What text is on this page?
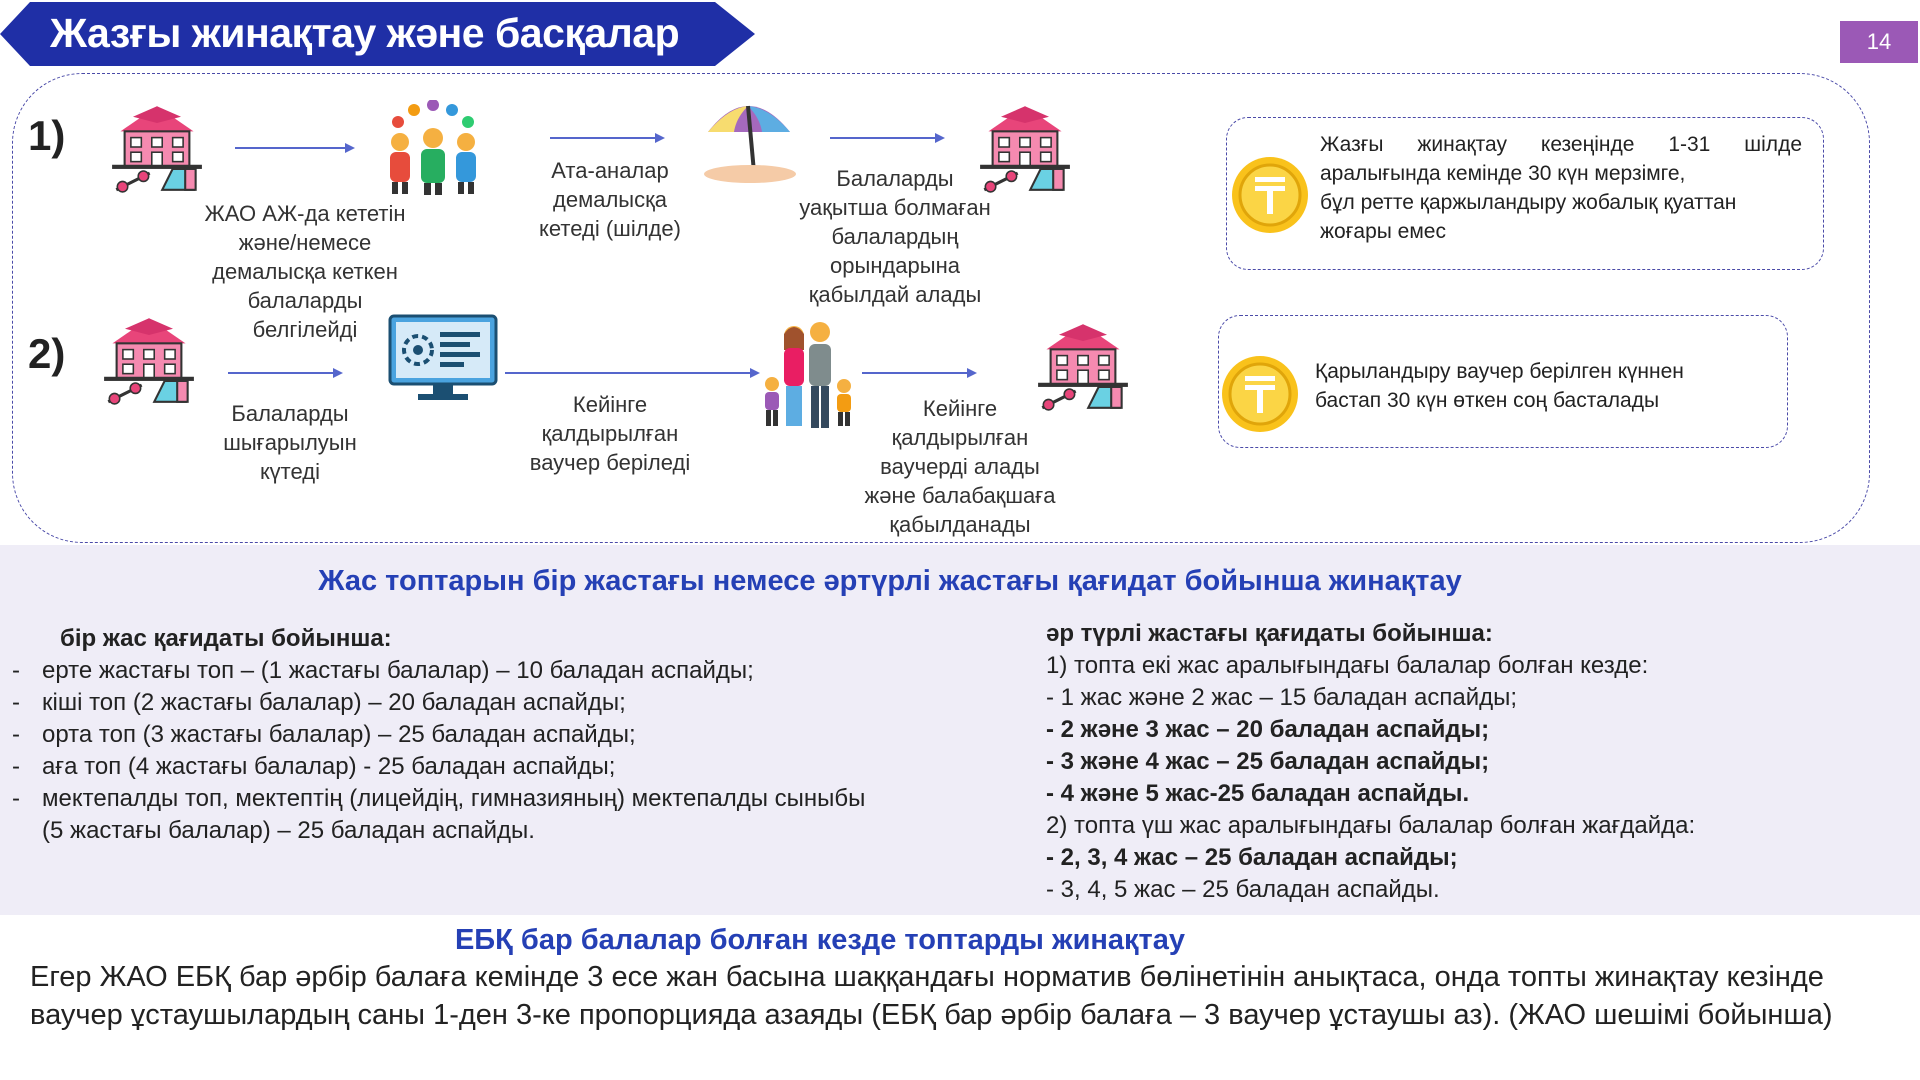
Жазғы жинақтау және басқалар	14
1)
ЖАО АЖ-да кететін
және/немесе
демалысқа кеткен
балаларды
белгілейді
Ата-аналар
демалысқа
кетеді (шілде)
Балаларды
уақытша болмаған
балалардың
орындарына
қабылдай алады
2)
Балаларды
шығарылуын
күтеді
Кейінге
қалдырылған
ваучер беріледі
Кейінге
қалдырылған
ваучерді алады
және балабақшаға
қабылданады
Жазғы жинақтау кезеңінде 1-31 шілде
аралығында кемінде 30 күн мерзімге,
бұл ретте қаржыландыру жобалық қуаттан
жоғары емес
Қарыландыру ваучер берілген күннен
бастап 30 күн өткен соң басталады
Жас топтарын бір жастағы немесе әртүрлі жастағы қағидат бойынша жинақтау
бір жас қағидаты бойынша:
- ерте жастағы топ – (1 жастағы балалар) – 10 баладан аспайды;
- кіші топ (2 жастағы балалар) – 20 баладан аспайды;
- орта топ (3 жастағы балалар) – 25 баладан аспайды;
- аға топ (4 жастағы балалар) - 25 баладан аспайды;
- мектепалды топ, мектептің (лицейдің, гимназияның) мектепалды сыныбы
(5 жастағы балалар) – 25 баладан аспайды.
әр түрлі жастағы қағидаты бойынша:
1) топта екі жас аралығындағы балалар болған кезде:
- 1 жас және 2 жас – 15 баладан аспайды;
- 2 және 3 жас – 20 баладан аспайды;
- 3 және 4 жас – 25 баладан аспайды;
- 4 және 5 жас-25 баладан аспайды.
2) топта үш жас аралығындағы балалар болған жағдайда:
- 2, 3, 4 жас – 25 баладан аспайды;
- 3, 4, 5 жас – 25 баладан аспайды.
ЕБҚ бар балалар болған кезде топтарды жинақтау
Егер ЖАО ЕБҚ бар әрбір балаға кемінде 3 есе жан басына шаққандағы норматив бөлінетінін анықтаса, онда топты жинақтау кезінде ваучер ұстаушылардың саны 1-ден 3-ке пропорцияда азаяды (ЕБҚ бар әрбір балаға – 3 ваучер ұстаушы аз). (ЖАО шешімі бойынша)
